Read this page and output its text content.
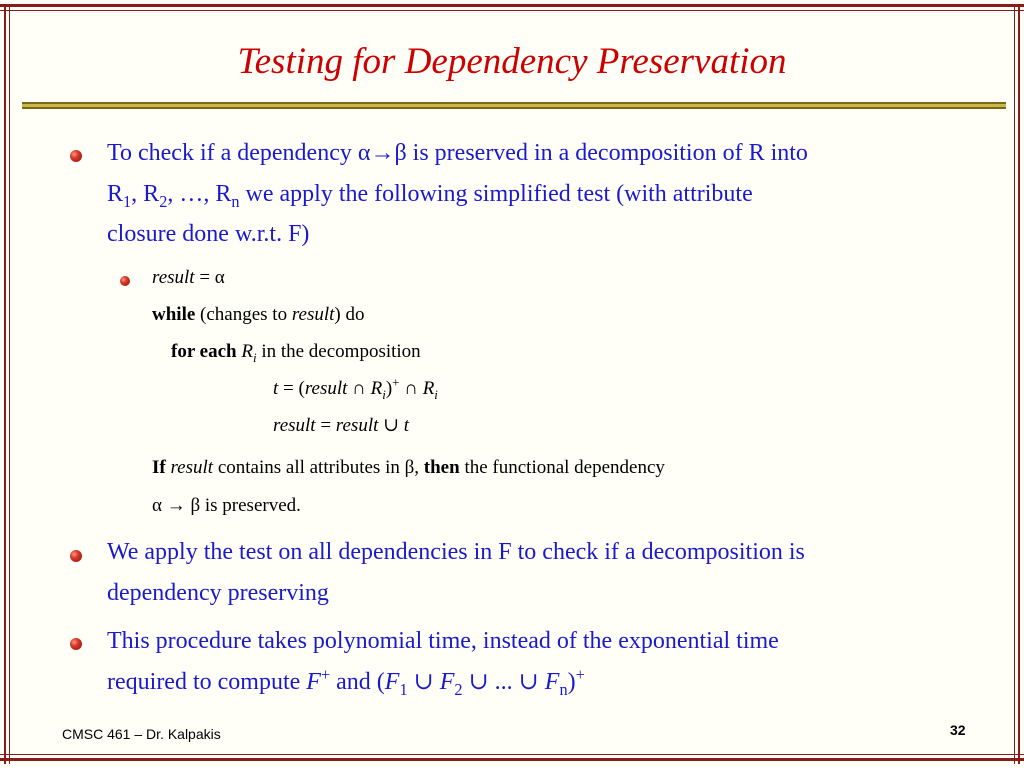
Testing for Dependency Preservation
To check if a dependency α→β is preserved in a decomposition of R into
$R_1$, $R_2$, …, $R_n$ we apply the following simplified test (with attribute
closure done w.r.t. F)
result = α
while (changes to result) do
for each $R_i$ in the decomposition
t = (result ∩ $R_i)^+$ ∩ $R_i$
result = result ∪ t
If result contains all attributes in β, then the functional dependency
α → β is preserved.
We apply the test on all dependencies in F to check if a decomposition is
dependency preserving
This procedure takes polynomial time, instead of the exponential time
required to compute F+ and ($F_1$ ∪ $F_2$ ∪ ... ∪ $F_n)^+$
CMSC 461 – Dr. Kalpakis	32
